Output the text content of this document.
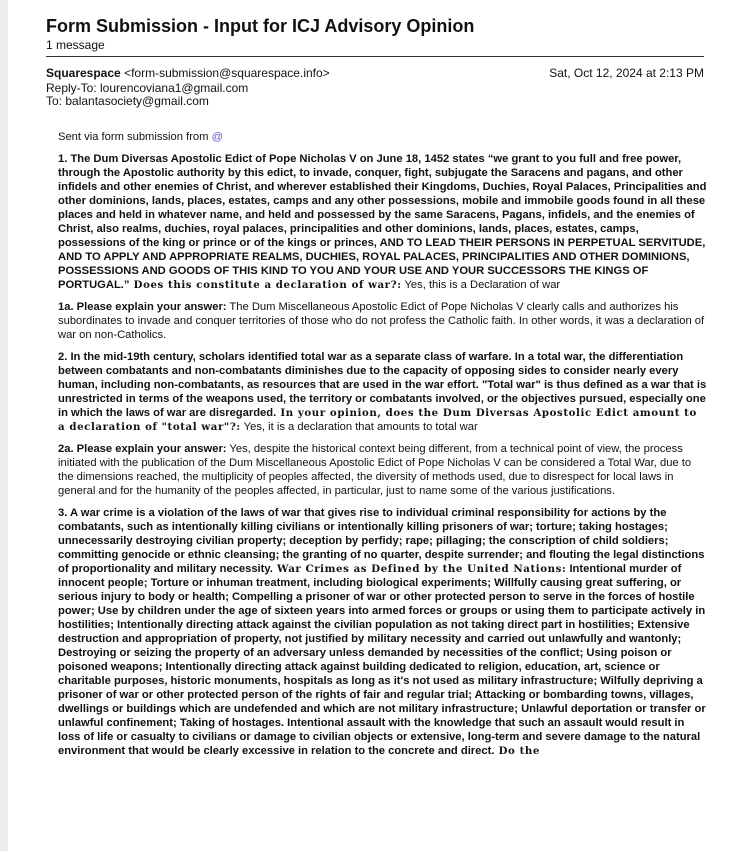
Form Submission - Input for ICJ Advisory Opinion
1 message
Squarespace <form-submission@squarespace.info>	Sat, Oct 12, 2024 at 2:13 PM
Reply-To: lourencoviana1@gmail.com
To: balantasociety@gmail.com

Sent via form submission from @

1. The Dum Diversas Apostolic Edict of Pope Nicholas V on June 18, 1452 states “we grant to you full and free power, through the Apostolic authority by this edict, to invade, conquer, fight, subjugate the Saracens and pagans, and other infidels and other enemies of Christ, and wherever established their Kingdoms, Duchies, Royal Palaces, Principalities and other dominions, lands, places, estates, camps and any other possessions, mobile and immobile goods found in all these places and held in whatever name, and held and possessed by the same Saracens, Pagans, infidels, and the enemies of Christ, also realms, duchies, royal palaces, principalities and other dominions, lands, places, estates, camps, possessions of the king or prince or of the kings or princes, AND TO LEAD THEIR PERSONS IN PERPETUAL SERVITUDE, AND TO APPLY AND APPROPRIATE REALMS, DUCHIES, ROYAL PALACES, PRINCIPALITIES AND OTHER DOMINIONS, POSSESSIONS AND GOODS OF THIS KIND TO YOU AND YOUR USE AND YOUR SUCCESSORS THE KINGS OF PORTUGAL.” Does this constitute a declaration of war?: Yes, this is a Declaration of war

1a. Please explain your answer: The Dum Miscellaneous Apostolic Edict of Pope Nicholas V clearly calls and authorizes his subordinates to invade and conquer territories of those who do not profess the Catholic faith. In other words, it was a declaration of war on non-Catholics.

2. In the mid-19th century, scholars identified total war as a separate class of warfare. In a total war, the differentiation between combatants and non-combatants diminishes due to the capacity of opposing sides to consider nearly every human, including non-combatants, as resources that are used in the war effort. "Total war" is thus defined as a war that is unrestricted in terms of the weapons used, the territory or combatants involved, or the objectives pursued, especially one in which the laws of war are disregarded. In your opinion, does the Dum Diversas Apostolic Edict amount to a declaration of "total war"?: Yes, it is a declaration that amounts to total war

2a. Please explain your answer: Yes, despite the historical context being different, from a technical point of view, the process initiated with the publication of the Dum Miscellaneous Apostolic Edict of Pope Nicholas V can be considered a Total War, due to the dimensions reached, the multiplicity of peoples affected, the diversity of methods used, due to disrespect for local laws in general and for the humanity of the peoples affected, in particular, just to name some of the various justifications.

3. A war crime is a violation of the laws of war that gives rise to individual criminal responsibility for actions by the combatants, such as intentionally killing civilians or intentionally killing prisoners of war; torture; taking hostages; unnecessarily destroying civilian property; deception by perfidy; rape; pillaging; the conscription of child soldiers; committing genocide or ethnic cleansing; the granting of no quarter, despite surrender; and flouting the legal distinctions of proportionality and military necessity. War Crimes as Defined by the United Nations: Intentional murder of innocent people; Torture or inhuman treatment, including biological experiments; Willfully causing great suffering, or serious injury to body or health; Compelling a prisoner of war or other protected person to serve in the forces of hostile power; Use by children under the age of sixteen years into armed forces or groups or using them to participate actively in hostilities; Intentionally directing attack against the civilian population as not taking direct part in hostilities; Extensive destruction and appropriation of property, not justified by military necessity and carried out unlawfully and wantonly; Destroying or seizing the property of an adversary unless demanded by necessities of the conflict; Using poison or poisoned weapons; Intentionally directing attack against building dedicated to religion, education, art, science or charitable purposes, historic monuments, hospitals as long as it's not used as military infrastructure; Wilfully depriving a prisoner of war or other protected person of the rights of fair and regular trial; Attacking or bombarding towns, villages, dwellings or buildings which are undefended and which are not military infrastructure; Unlawful deportation or transfer or unlawful confinement; Taking of hostages. Intentional assault with the knowledge that such an assault would result in loss of life or casualty to civilians or damage to civilian objects or extensive, long-term and severe damage to the natural environment that would be clearly excessive in relation to the concrete and direct. Do the
